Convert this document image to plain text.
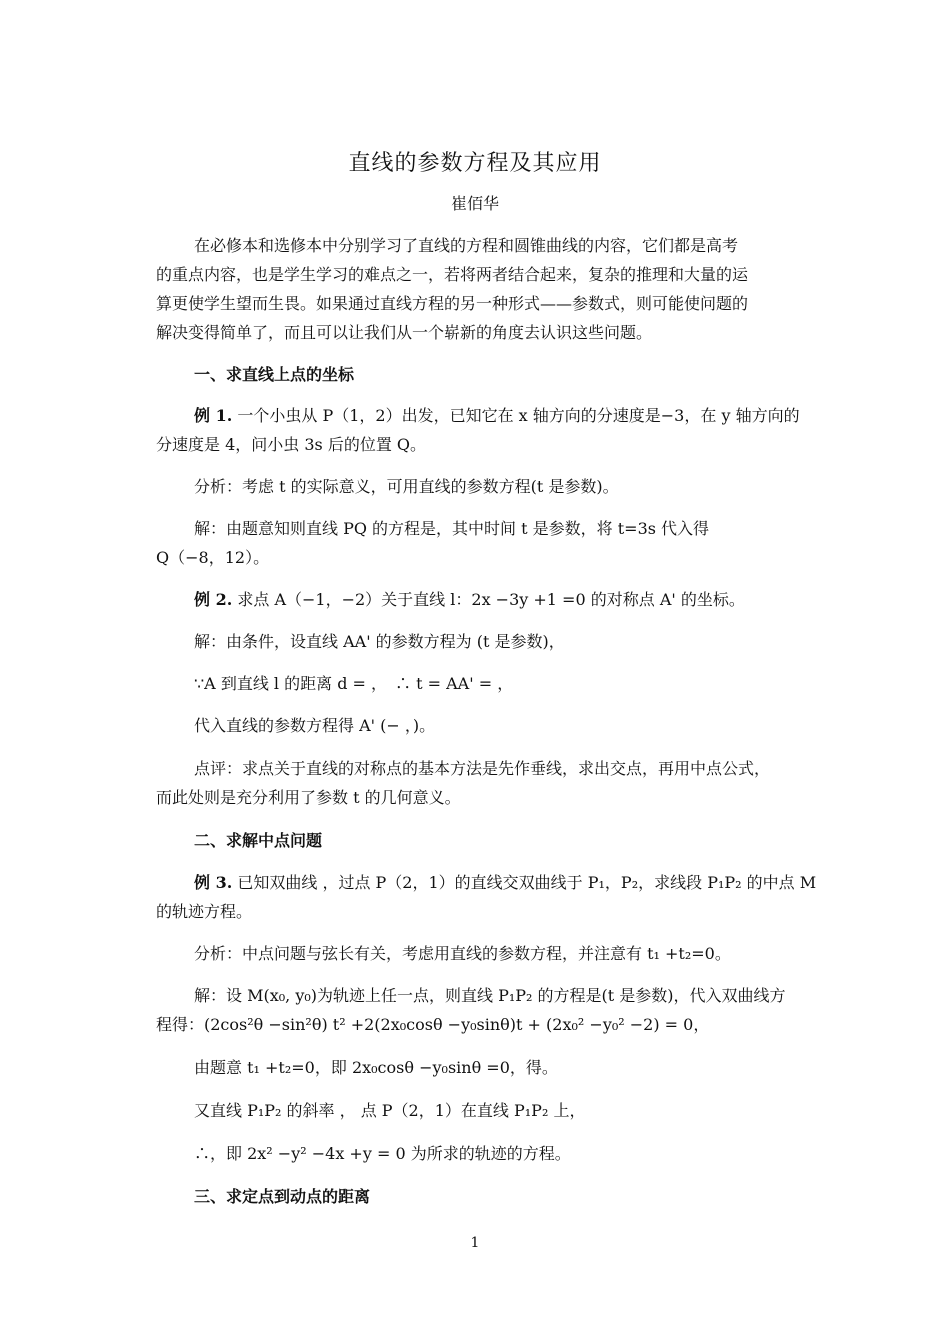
直线的参数方程及其应用
崔佰华
在必修本和选修本中分别学习了直线的方程和圆锥曲线的内容，它们都是高考
的重点内容，也是学生学习的难点之一，若将两者结合起来，复杂的推理和大量的运
算更使学生望而生畏。如果通过直线方程的另一种形式——参数式，则可能使问题的
解决变得简单了，而且可以让我们从一个崭新的角度去认识这些问题。
一、求直线上点的坐标
例 1. 一个小虫从 P（1，2）出发，已知它在 x 轴方向的分速度是−3，在 y 轴方向的
分速度是 4，问小虫 3s 后的位置 Q。
分析：考虑 t 的实际意义，可用直线的参数方程(t 是参数)。
解：由题意知则直线 PQ 的方程是，其中时间 t 是参数，将 t=3s 代入得
Q（−8，12）。
例 2. 求点 A（−1，−2）关于直线 l：2x −3y +1 =0 的对称点 A' 的坐标。
解：由条件，设直线 AA' 的参数方程为 (t 是参数)，
∵A 到直线 l 的距离 d = ，　∴ t = AA' = ，
代入直线的参数方程得 A' (− ，)。
点评：求点关于直线的对称点的基本方法是先作垂线，求出交点，再用中点公式，
而此处则是充分利用了参数 t 的几何意义。
二、求解中点问题
例 3. 已知双曲线 ，过点 P（2，1）的直线交双曲线于 P₁，P₂，求线段 P₁P₂ 的中点 M
的轨迹方程。
分析：中点问题与弦长有关，考虑用直线的参数方程，并注意有 t₁ +t₂=0。
解：设 M(x₀, y₀)为轨迹上任一点，则直线 P₁P₂ 的方程是(t 是参数)，代入双曲线方
程得：(2cos²θ −sin²θ) t² +2(2x₀cosθ −y₀sinθ)t + (2x₀² −y₀² −2) = 0，
由题意 t₁ +t₂=0，即 2x₀cosθ −y₀sinθ =0，得。
又直线 P₁P₂ 的斜率 ， 点 P（2，1）在直线 P₁P₂ 上，
∴，即 2x² −y² −4x +y = 0 为所求的轨迹的方程。
三、求定点到动点的距离
1
